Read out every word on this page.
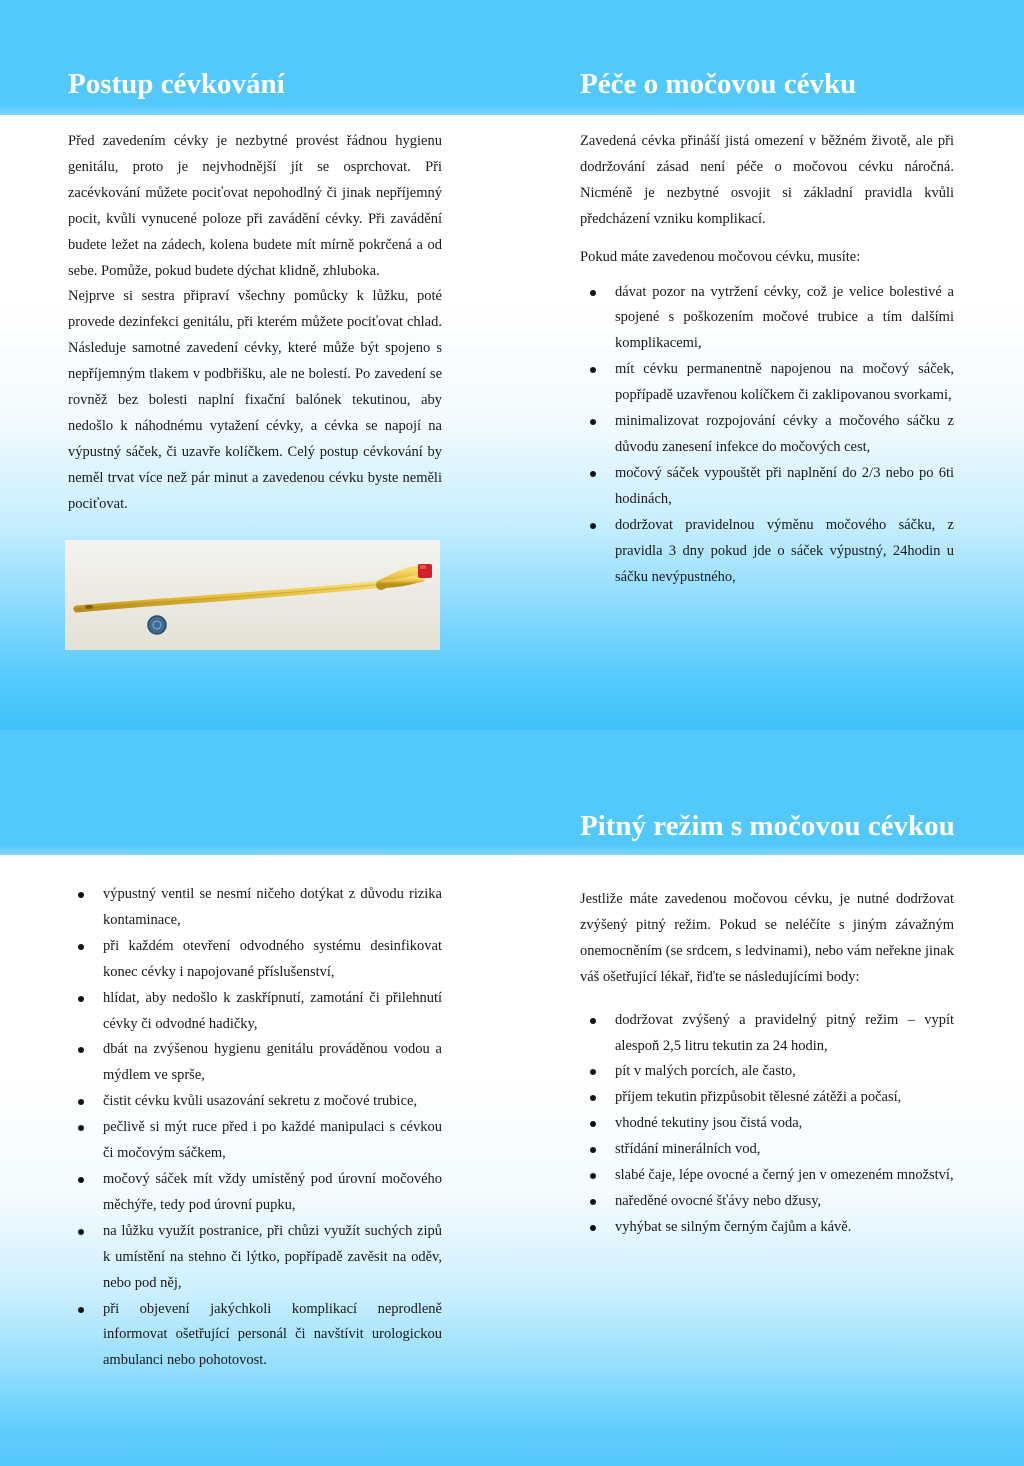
Postup cévkování	Péče o močovou cévku

Před zavedením cévky je nezbytné provést řádnou hygienu genitálu, proto je nejvhodnější jít se osprchovat. Při zacévkování můžete pociťovat nepohodlný či jinak nepříjemný pocit, kvůli vynucené poloze při zavádění cévky. Při zavádění budete ležet na zádech, kolena budete mít mírně pokrčená a od sebe. Pomůže, pokud budete dýchat klidně, zhluboka.

Nejprve si sestra připraví všechny pomůcky k lůžku, poté provede dezinfekci genitálu, při kterém můžete pociťovat chlad. Následuje samotné zavedení cévky, které může být spojeno s nepříjemným tlakem v podbřišku, ale ne bolestí. Po zavedení se rovněž bez bolesti naplní fixační balónek tekutinou, aby nedošlo k náhodnému vytažení cévky, a cévka se napojí na výpustný sáček, či uzavře kolíčkem. Celý postup cévkování by neměl trvat více než pár minut a zavedenou cévku byste neměli pociťovat.

Zavedená cévka přináší jistá omezení v běžném životě, ale při dodržování zásad není péče o močovou cévku náročná. Nicméně je nezbytné osvojit si základní pravidla kvůli předcházení vzniku komplikací.

Pokud máte zavedenou močovou cévku, musíte:

dávat pozor na vytržení cévky, což je velice bolestivé a spojené s poškozením močové trubice a tím dalšími komplikacemi,
mít cévku permanentně napojenou na močový sáček, popřípadě uzavřenou kolíčkem či zaklipovanou svorkami,
minimalizovat rozpojování cévky a močového sáčku z důvodu zanesení infekce do močových cest,
močový sáček vypouštět při naplnění do 2/3 nebo po 6ti hodinách,
dodržovat pravidelnou výměnu močového sáčku, z pravidla 3 dny pokud jde o sáček výpustný, 24hodin u sáčku nevýpustného,
Pitný režim s močovou cévkou
výpustný ventil se nesmí ničeho dotýkat z důvodu rizika kontaminace,
při každém otevření odvodného systému desinfikovat konec cévky i napojované příslušenství,
hlídat, aby nedošlo k zaskřípnutí, zamotání či přilehnutí cévky či odvodné hadičky,
dbát na zvýšenou hygienu genitálu prováděnou vodou a mýdlem ve sprše,
čistit cévku kvůli usazování sekretu z močové trubice,
pečlivě si mýt ruce před i po každé manipulaci s cévkou či močovým sáčkem,
močový sáček mít vždy umístěný pod úrovní močového měchýře, tedy pod úrovní pupku,
na lůžku využít postranice, při chůzi využít suchých zipů k umístění na stehno či lýtko, popřípadě zavěsit na oděv, nebo pod něj,
při objevení jakýchkoli komplikací neprodleně informovat ošetřující personál či navštívit urologickou ambulanci nebo pohotovost.

Jestliže máte zavedenou močovou cévku, je nutné dodržovat zvýšený pitný režim. Pokud se neléčíte s jiným závažným onemocněním (se srdcem, s ledvinami), nebo vám neřekne jinak váš ošetřující lékař, řiďte se následujícími body:

dodržovat zvýšený a pravidelný pitný režim – vypít alespoň 2,5 litru tekutin za 24 hodin,
pít v malých porcích, ale často,
příjem tekutin přizpůsobit tělesné zátěži a počasí,
vhodné tekutiny jsou čistá voda,
střídání minerálních vod,
slabé čaje, lépe ovocné a černý jen v omezeném množství,
naředěné ovocné šťávy nebo džusy,
vyhýbat se silným černým čajům a kávě.
